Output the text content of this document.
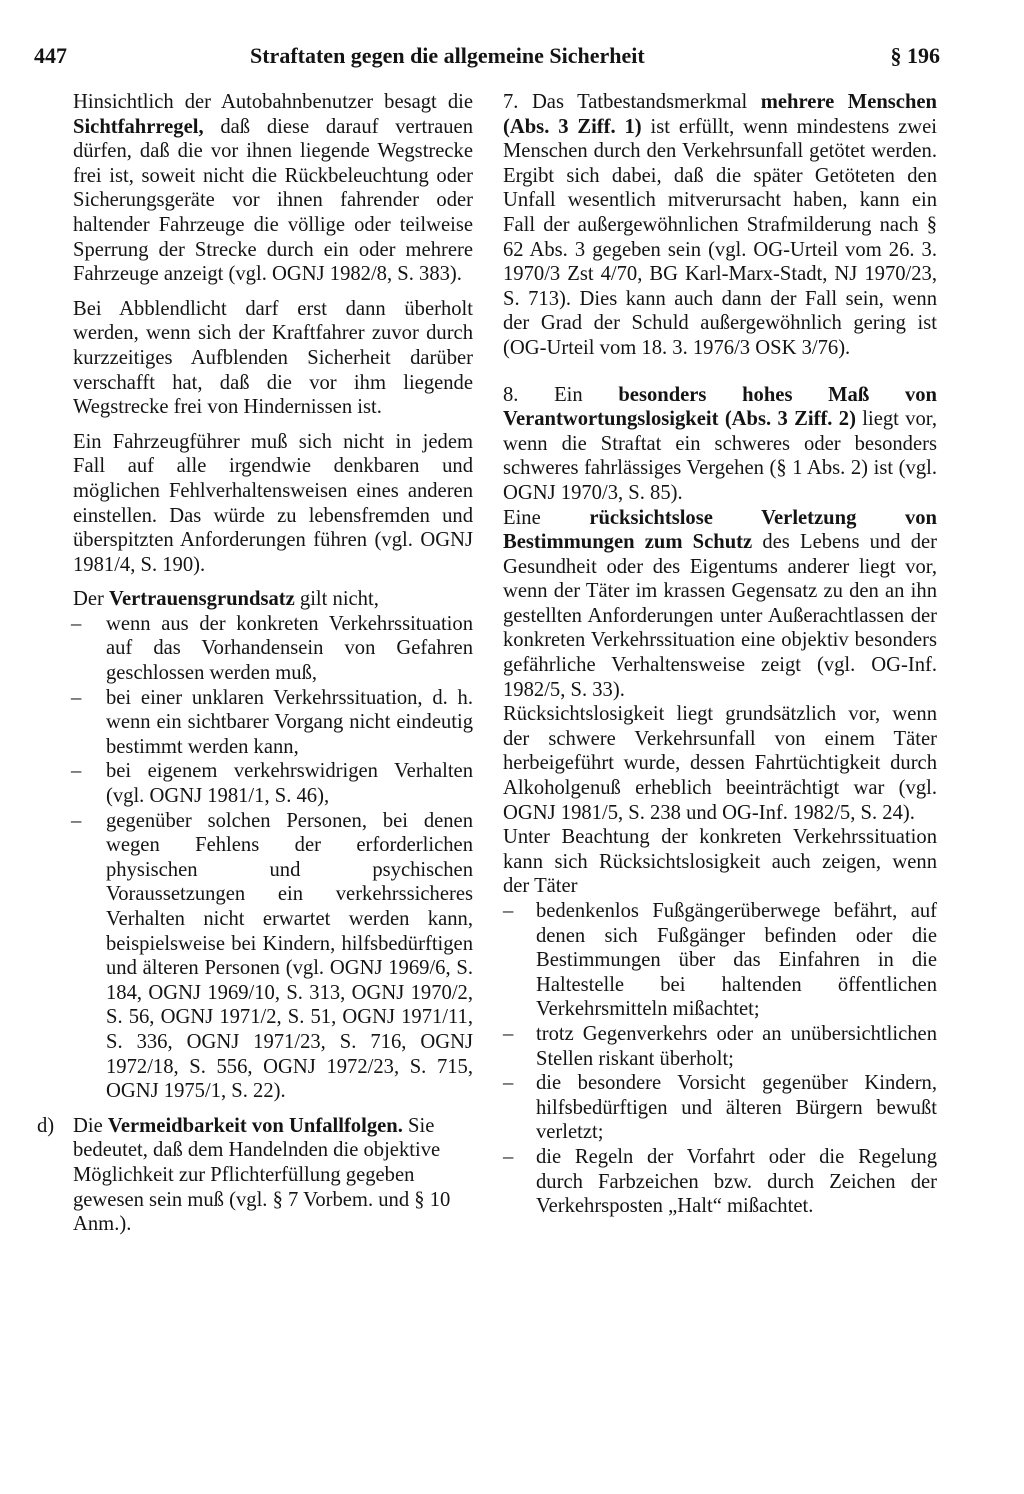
447	Straftaten gegen die allgemeine Sicherheit	§ 196

Hinsichtlich der Autobahnbenutzer besagt die Sichtfahrregel, daß diese darauf vertrauen dürfen, daß die vor ihnen liegende Wegstrecke frei ist, soweit nicht die Rückbeleuchtung oder Sicherungsgeräte vor ihnen fahrender oder haltender Fahrzeuge die völlige oder teilweise Sperrung der Strecke durch ein oder mehrere Fahrzeuge anzeigt (vgl. OGNJ 1982/8, S. 383).

Bei Abblendlicht darf erst dann überholt werden, wenn sich der Kraftfahrer zuvor durch kurzzeitiges Aufblenden Sicherheit darüber verschafft hat, daß die vor ihm liegende Wegstrecke frei von Hindernissen ist.

Ein Fahrzeugführer muß sich nicht in jedem Fall auf alle irgendwie denkbaren und möglichen Fehlverhaltensweisen eines anderen einstellen. Das würde zu lebensfremden und überspitzten Anforderungen führen (vgl. OGNJ 1981/4, S. 190).

Der Vertrauensgrundsatz gilt nicht,

– wenn aus der konkreten Verkehrssituation auf das Vorhandensein von Gefahren geschlossen werden muß,
– bei einer unklaren Verkehrssituation, d. h. wenn ein sichtbarer Vorgang nicht eindeutig bestimmt werden kann,
– bei eigenem verkehrswidrigen Verhalten (vgl. OGNJ 1981/1, S. 46),
– gegenüber solchen Personen, bei denen wegen Fehlens der erforderlichen physischen und psychischen Voraussetzungen ein verkehrssicheres Verhalten nicht erwartet werden kann, beispielsweise bei Kindern, hilfsbedürftigen und älteren Personen (vgl. OGNJ 1969/6, S. 184, OGNJ 1969/10, S. 313, OGNJ 1970/2, S. 56, OGNJ 1971/2, S. 51, OGNJ 1971/11, S. 336, OGNJ 1971/23, S. 716, OGNJ 1972/18, S. 556, OGNJ 1972/23, S. 715, OGNJ 1975/1, S. 22).
d) Die Vermeidbarkeit von Unfallfolgen. Sie bedeutet, daß dem Handelnden die objektive Möglichkeit zur Pflichterfüllung gegeben gewesen sein muß (vgl. § 7 Vorbem. und § 10 Anm.).

7. Das Tatbestandsmerkmal mehrere Menschen (Abs. 3 Ziff. 1) ist erfüllt, wenn mindestens zwei Menschen durch den Verkehrsunfall getötet werden. Ergibt sich dabei, daß die später Getöteten den Unfall wesentlich mitverursacht haben, kann ein Fall der außergewöhnlichen Strafmilderung nach § 62 Abs. 3 gegeben sein (vgl. OG-Urteil vom 26. 3. 1970/3 Zst 4/70, BG Karl-Marx-Stadt, NJ 1970/23, S. 713). Dies kann auch dann der Fall sein, wenn der Grad der Schuld außergewöhnlich gering ist (OG-Urteil vom 18. 3. 1976/3 OSK 3/76).

8. Ein besonders hohes Maß von Verantwortungslosigkeit (Abs. 3 Ziff. 2) liegt vor, wenn die Straftat ein schweres oder besonders schweres fahrlässiges Vergehen (§ 1 Abs. 2) ist (vgl. OGNJ 1970/3, S. 85).

Eine rücksichtslose Verletzung von Bestimmungen zum Schutz des Lebens und der Gesundheit oder des Eigentums anderer liegt vor, wenn der Täter im krassen Gegensatz zu den an ihn gestellten Anforderungen unter Außerachtlassen der konkreten Verkehrssituation eine objektiv besonders gefährliche Verhaltensweise zeigt (vgl. OG-Inf. 1982/5, S. 33).

Rücksichtslosigkeit liegt grundsätzlich vor, wenn der schwere Verkehrsunfall von einem Täter herbeigeführt wurde, dessen Fahrtüchtigkeit durch Alkoholgenuß erheblich beeinträchtigt war (vgl. OGNJ 1981/5, S. 238 und OG-Inf. 1982/5, S. 24).

Unter Beachtung der konkreten Verkehrssituation kann sich Rücksichtslosigkeit auch zeigen, wenn der Täter

– bedenkenlos Fußgängerüberwege befährt, auf denen sich Fußgänger befinden oder die Bestimmungen über das Einfahren in die Haltestelle bei haltenden öffentlichen Verkehrsmitteln mißachtet;
– trotz Gegenverkehrs oder an unübersichtlichen Stellen riskant überholt;
– die besondere Vorsicht gegenüber Kindern, hilfsbedürftigen und älteren Bürgern bewußt verletzt;
– die Regeln der Vorfahrt oder die Regelung durch Farbzeichen bzw. durch Zeichen der Verkehrsposten „Halt“ mißachtet.
